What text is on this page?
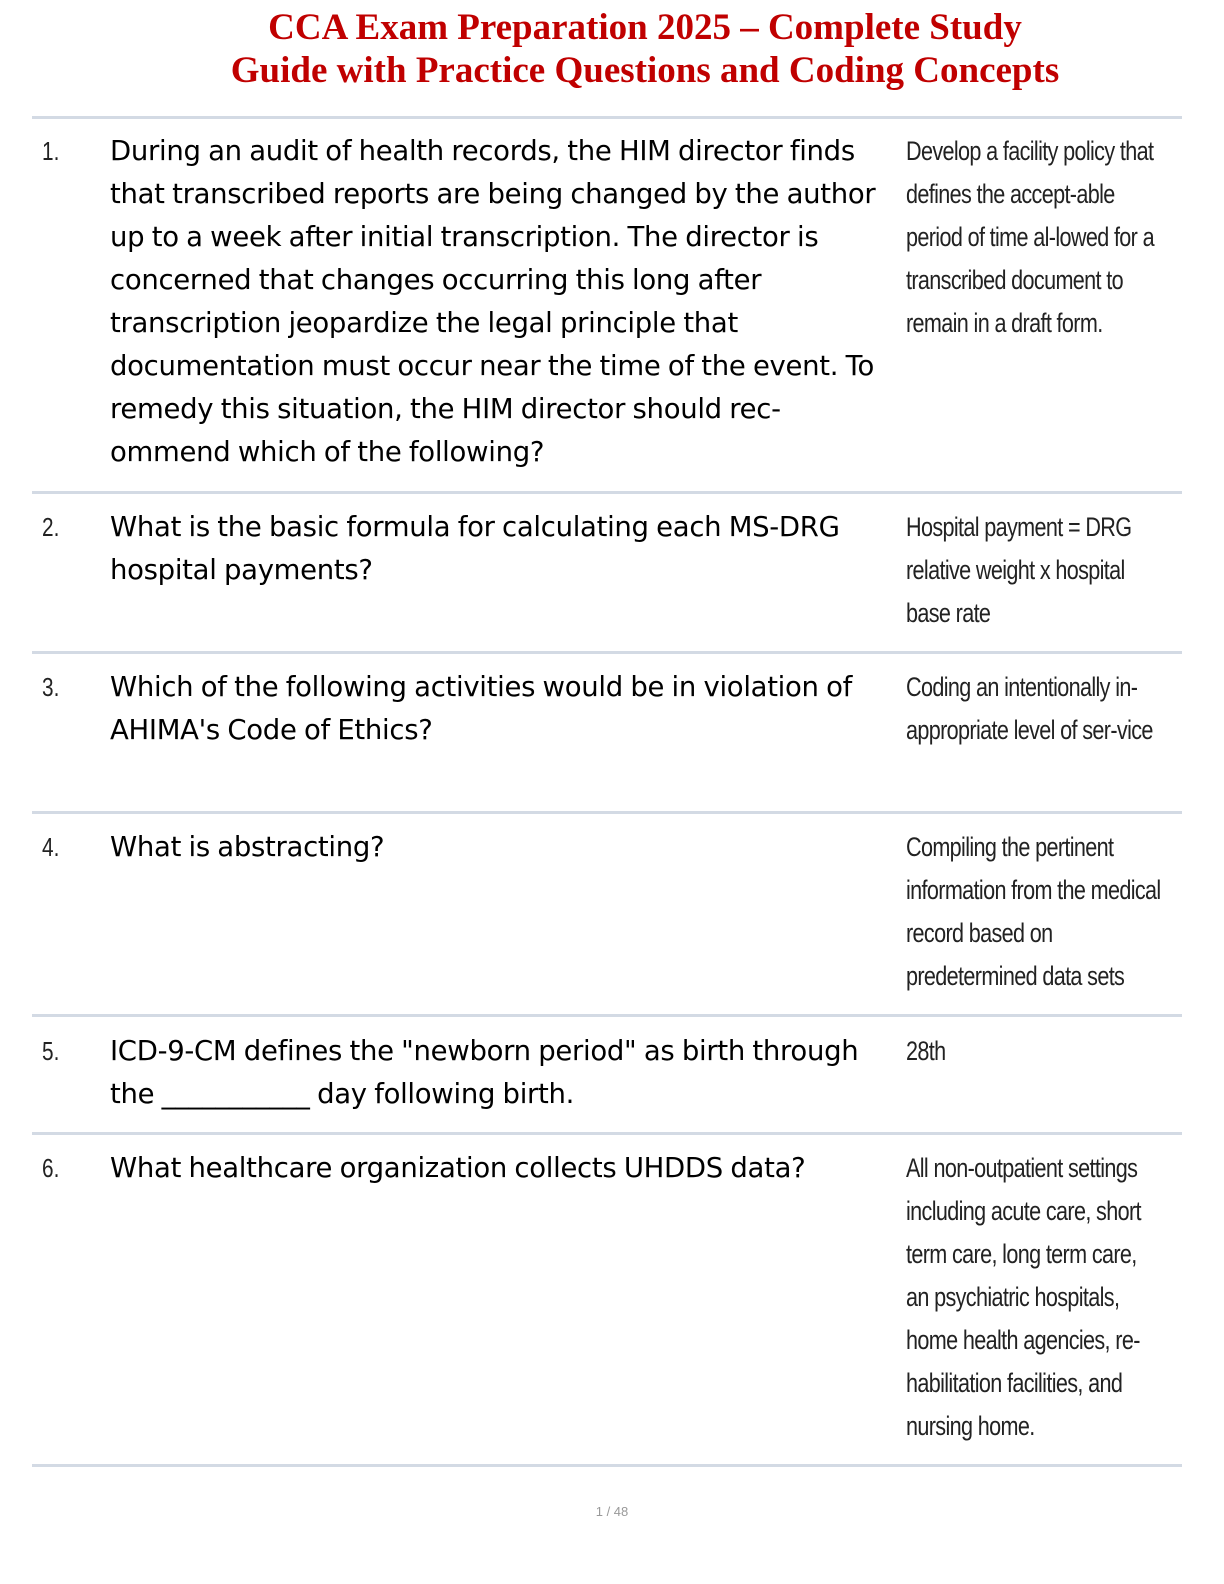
CCA Exam Preparation 2025 – Complete Study
Guide with Practice Questions and Coding Concepts
1. During an audit of health records, the HIM director finds that transcribed reports are being changed by the author up to a week after initial transcription. The director is concerned that changes occurring this long after transcription jeopardize the legal principle that documentation must occur near the time of the event. To remedy this situation, the HIM director should rec-ommend which of the following?
Develop a facility policy that defines the accept-able period of time al-lowed for a transcribed document to remain in a draft form.
2. What is the basic formula for calculating each MS-DRG hospital payments?
Hospital payment = DRG relative weight x hospital base rate
3. Which of the following activities would be in violation of AHIMA's Code of Ethics?
Coding an intentionally in-appropriate level of ser-vice
4. What is abstracting?	Compiling the pertinent information from the medical record based on predetermined data sets
5. ICD-9-CM defines the "newborn period" as birth through the ___________ day following birth.
28th
6. What healthcare organization collects UHDDS data?	All non-outpatient settings including acute care, short term care, long term care, an psychiatric hospitals, home health agencies, re-habilitation facilities, and nursing home.
1 / 48
